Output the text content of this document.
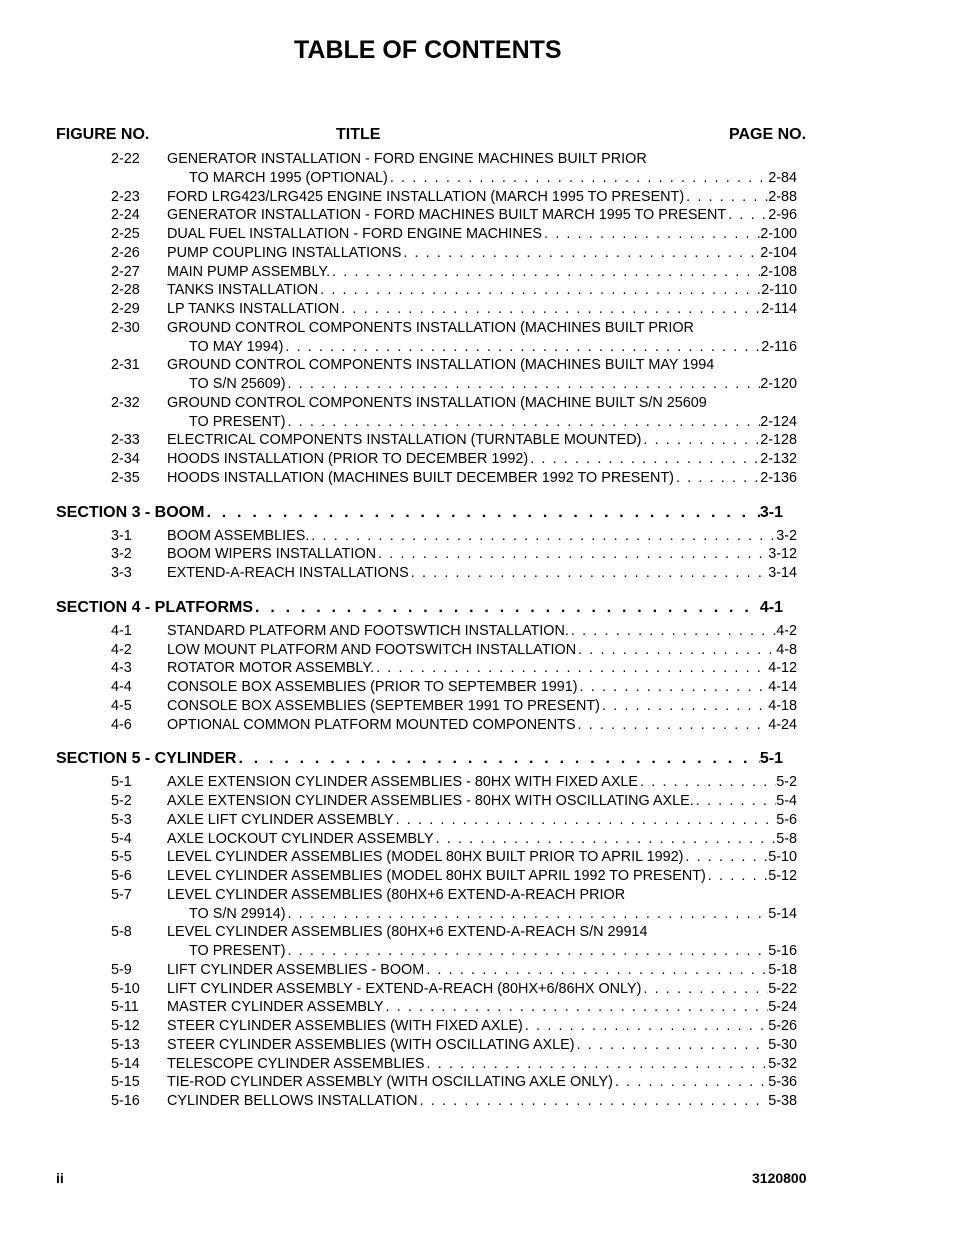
TABLE OF CONTENTS
FIGURE NO.	TITLE	PAGE NO.
2-22 GENERATOR INSTALLATION - FORD ENGINE MACHINES BUILT PRIOR
TO MARCH 1995 (OPTIONAL) . . .	2-84
2-23 FORD LRG423/LRG425 ENGINE INSTALLATION (MARCH 1995 TO PRESENT) . . .	2-88
2-24 GENERATOR INSTALLATION - FORD MACHINES BUILT MARCH 1995 TO PRESENT . . .	2-96
2-25 DUAL FUEL INSTALLATION - FORD ENGINE MACHINES . . .	2-100
2-26 PUMP COUPLING INSTALLATIONS . . .	2-104
2-27 MAIN PUMP ASSEMBLY. . . .	2-108
2-28 TANKS INSTALLATION . . .	2-110
2-29 LP TANKS INSTALLATION . . .	2-114
2-30 GROUND CONTROL COMPONENTS INSTALLATION (MACHINES BUILT PRIOR
TO MAY 1994) . . .	2-116
2-31 GROUND CONTROL COMPONENTS INSTALLATION (MACHINES BUILT MAY 1994
TO S/N 25609) . . .	2-120
2-32 GROUND CONTROL COMPONENTS INSTALLATION (MACHINE BUILT S/N 25609
TO PRESENT) . . .	2-124
2-33 ELECTRICAL COMPONENTS INSTALLATION (TURNTABLE MOUNTED) . . .	2-128
2-34 HOODS INSTALLATION (PRIOR TO DECEMBER 1992) . . .	2-132
2-35 HOODS INSTALLATION (MACHINES BUILT DECEMBER 1992 TO PRESENT) . . .	2-136
SECTION 3 - BOOM . . .	3-1
3-1 BOOM ASSEMBLIES. . . .	3-2
3-2 BOOM WIPERS INSTALLATION . . .	3-12
3-3 EXTEND-A-REACH INSTALLATIONS . . .	3-14
SECTION 4 - PLATFORMS . . .	4-1
4-1 STANDARD PLATFORM AND FOOTSWTICH INSTALLATION. . . .	4-2
4-2 LOW MOUNT PLATFORM AND FOOTSWITCH INSTALLATION . . .	4-8
4-3 ROTATOR MOTOR ASSEMBLY. . . .	4-12
4-4 CONSOLE BOX ASSEMBLIES (PRIOR TO SEPTEMBER 1991) . . .	4-14
4-5 CONSOLE BOX ASSEMBLIES (SEPTEMBER 1991 TO PRESENT) . . .	4-18
4-6 OPTIONAL COMMON PLATFORM MOUNTED COMPONENTS . . .	4-24
SECTION 5 - CYLINDER . . .	5-1
5-1 AXLE EXTENSION CYLINDER ASSEMBLIES - 80HX WITH FIXED AXLE . . .	5-2
5-2 AXLE EXTENSION CYLINDER ASSEMBLIES - 80HX WITH OSCILLATING AXLE. . . .	5-4
5-3 AXLE LIFT CYLINDER ASSEMBLY . . .	5-6
5-4 AXLE LOCKOUT CYLINDER ASSEMBLY . . .	5-8
5-5 LEVEL CYLINDER ASSEMBLIES (MODEL 80HX BUILT PRIOR TO APRIL 1992) . . .	5-10
5-6 LEVEL CYLINDER ASSEMBLIES (MODEL 80HX BUILT APRIL 1992 TO PRESENT) . . .	5-12
5-7 LEVEL CYLINDER ASSEMBLIES (80HX+6 EXTEND-A-REACH PRIOR
TO S/N 29914) . . .	5-14
5-8 LEVEL CYLINDER ASSEMBLIES (80HX+6 EXTEND-A-REACH S/N 29914
TO PRESENT) . . .	5-16
5-9 LIFT CYLINDER ASSEMBLIES - BOOM . . .	5-18
5-10 LIFT CYLINDER ASSEMBLY - EXTEND-A-REACH (80HX+6/86HX ONLY) . . .	5-22
5-11 MASTER CYLINDER ASSEMBLY . . .	5-24
5-12 STEER CYLINDER ASSEMBLIES (WITH FIXED AXLE) . . .	5-26
5-13 STEER CYLINDER ASSEMBLIES (WITH OSCILLATING AXLE) . . .	5-30
5-14 TELESCOPE CYLINDER ASSEMBLIES . . .	5-32
5-15 TIE-ROD CYLINDER ASSEMBLY (WITH OSCILLATING AXLE ONLY) . . .	5-36
5-16 CYLINDER BELLOWS INSTALLATION . . .	5-38
ii	3120800
